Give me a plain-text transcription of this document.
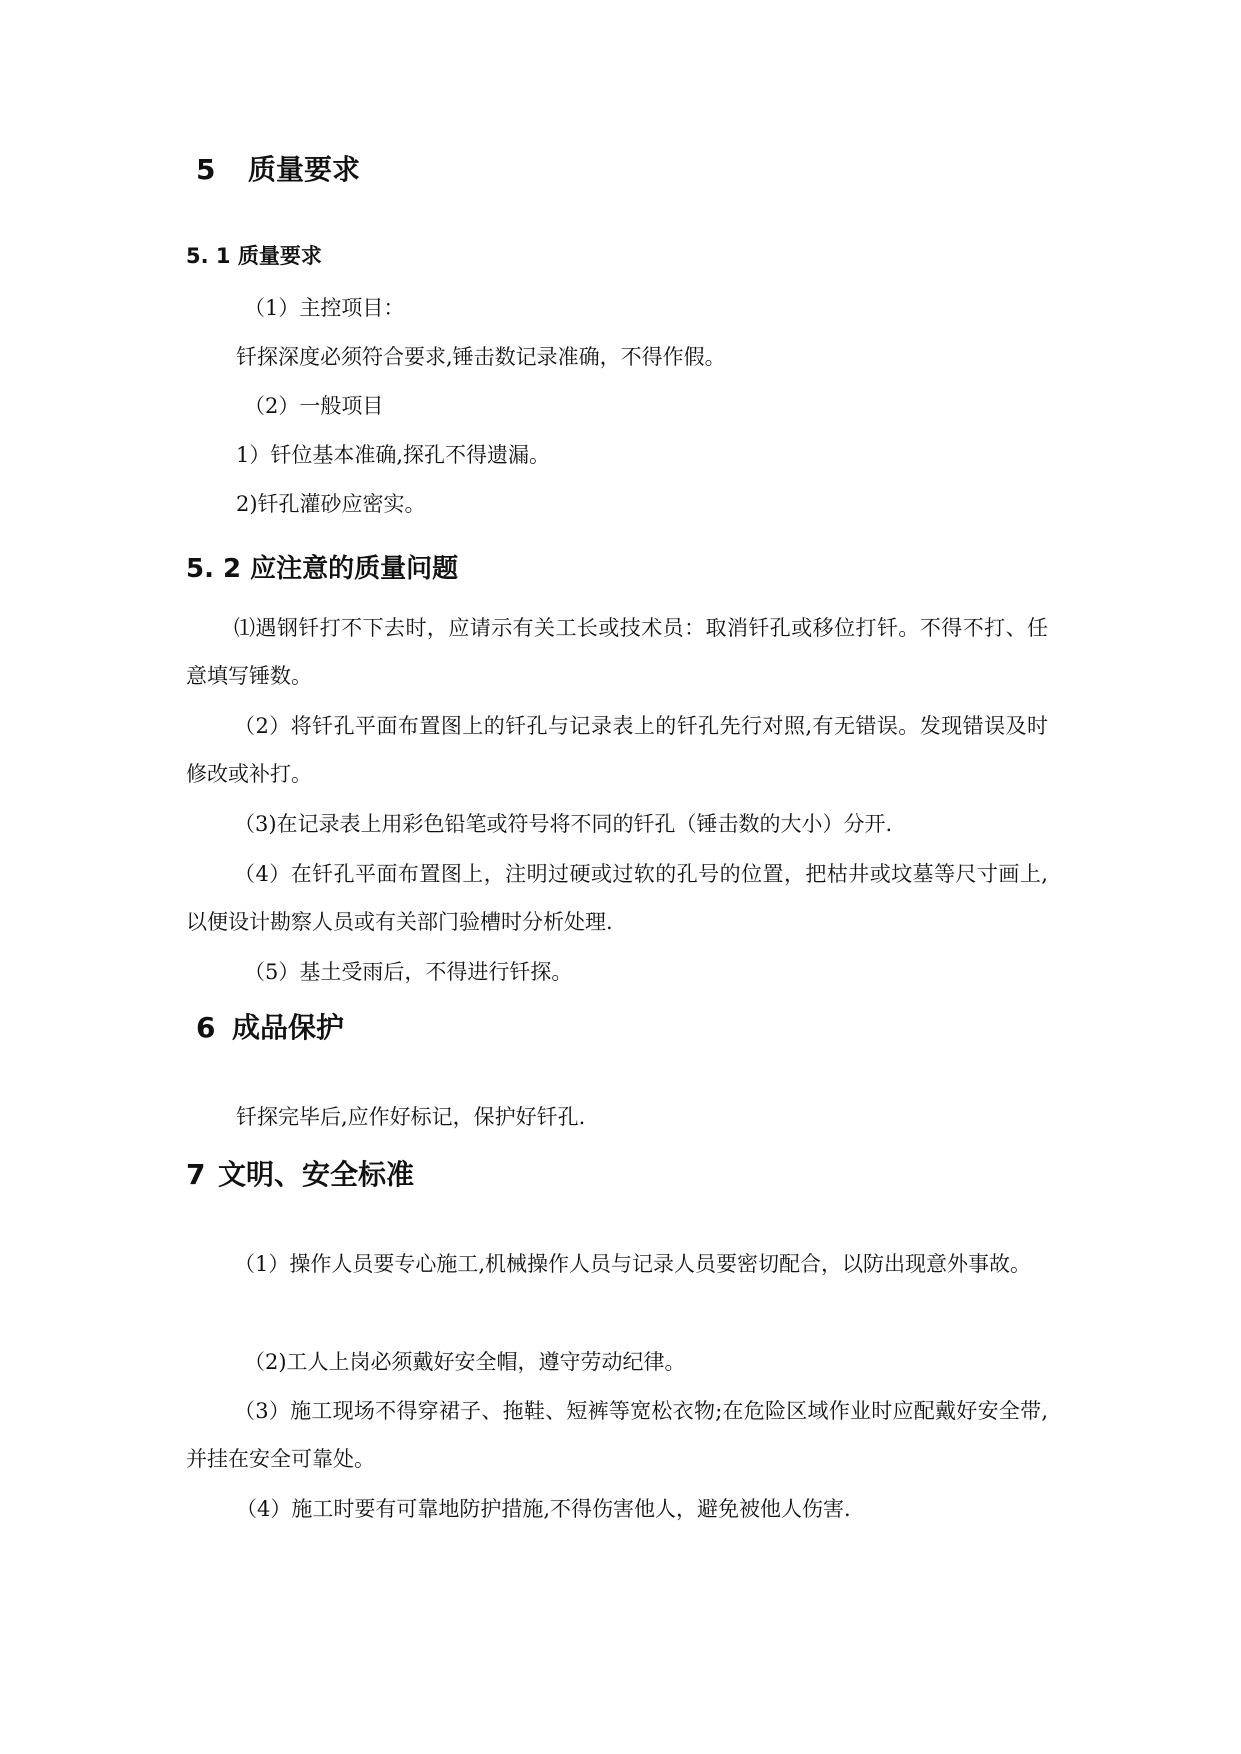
5 质量要求
5. 1 质量要求
（1）主控项目：
钎探深度必须符合要求,锤击数记录准确，不得作假。
（2）一般项目
1）钎位基本准确,探孔不得遗漏。
2)钎孔灌砂应密实。
5. 2 应注意的质量问题
⑴遇钢钎打不下去时，应请示有关工长或技术员：取消钎孔或移位打钎。不得不打、任意填写锤数。
（2）将钎孔平面布置图上的钎孔与记录表上的钎孔先行对照,有无错误。发现错误及时修改或补打。
（3)在记录表上用彩色铅笔或符号将不同的钎孔（锤击数的大小）分开.
（4）在钎孔平面布置图上，注明过硬或过软的孔号的位置，把枯井或坟墓等尺寸画上,以便设计勘察人员或有关部门验槽时分析处理.
（5）基土受雨后，不得进行钎探。
6 成品保护
钎探完毕后,应作好标记，保护好钎孔.
7 文明、安全标准
（1）操作人员要专心施工,机械操作人员与记录人员要密切配合，以防出现意外事故。
（2)工人上岗必须戴好安全帽，遵守劳动纪律。
（3）施工现场不得穿裙子、拖鞋、短裤等宽松衣物;在危险区域作业时应配戴好安全带,并挂在安全可靠处。
（4）施工时要有可靠地防护措施,不得伤害他人，避免被他人伤害.
